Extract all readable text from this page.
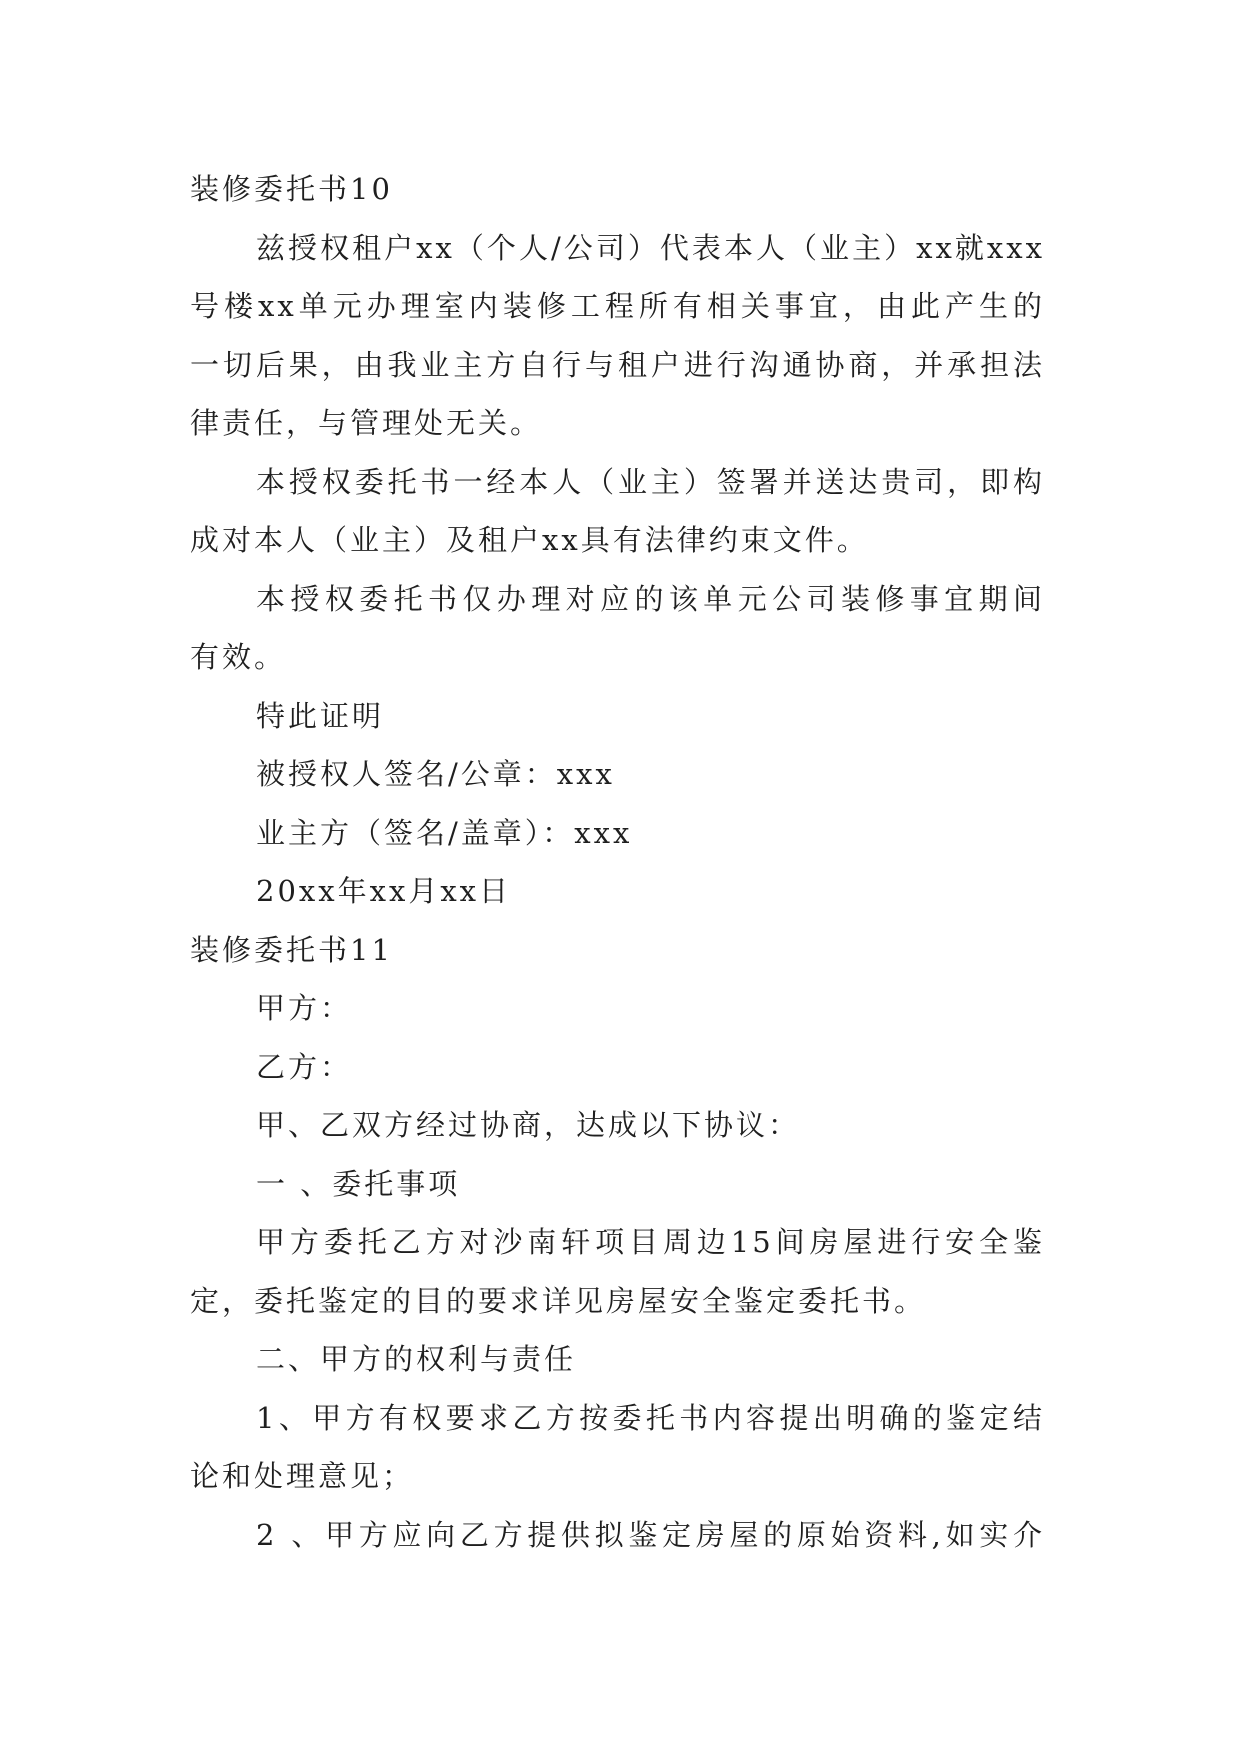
装修委托书10

兹授权租户xx（个人/公司）代表本人（业主）xx就xxx

号楼xx单元办理室内装修工程所有相关事宜，由此产生的

一切后果，由我业主方自行与租户进行沟通协商，并承担法

律责任，与管理处无关。

本授权委托书一经本人（业主）签署并送达贵司，即构

成对本人（业主）及租户xx具有法律约束文件。

本授权委托书仅办理对应的该单元公司装修事宜期间

有效。

特此证明

被授权人签名/公章：xxx

业主方（签名/盖章）：xxx

20xx年xx月xx日

装修委托书11

甲方：

乙方：

甲、乙双方经过协商，达成以下协议：

一 、委托事项

甲方委托乙方对沙南轩项目周边15间房屋进行安全鉴

定，委托鉴定的目的要求详见房屋安全鉴定委托书。

二、甲方的权利与责任

1、甲方有权要求乙方按委托书内容提出明确的鉴定结

论和处理意见；

2 、甲方应向乙方提供拟鉴定房屋的原始资料,如实介
